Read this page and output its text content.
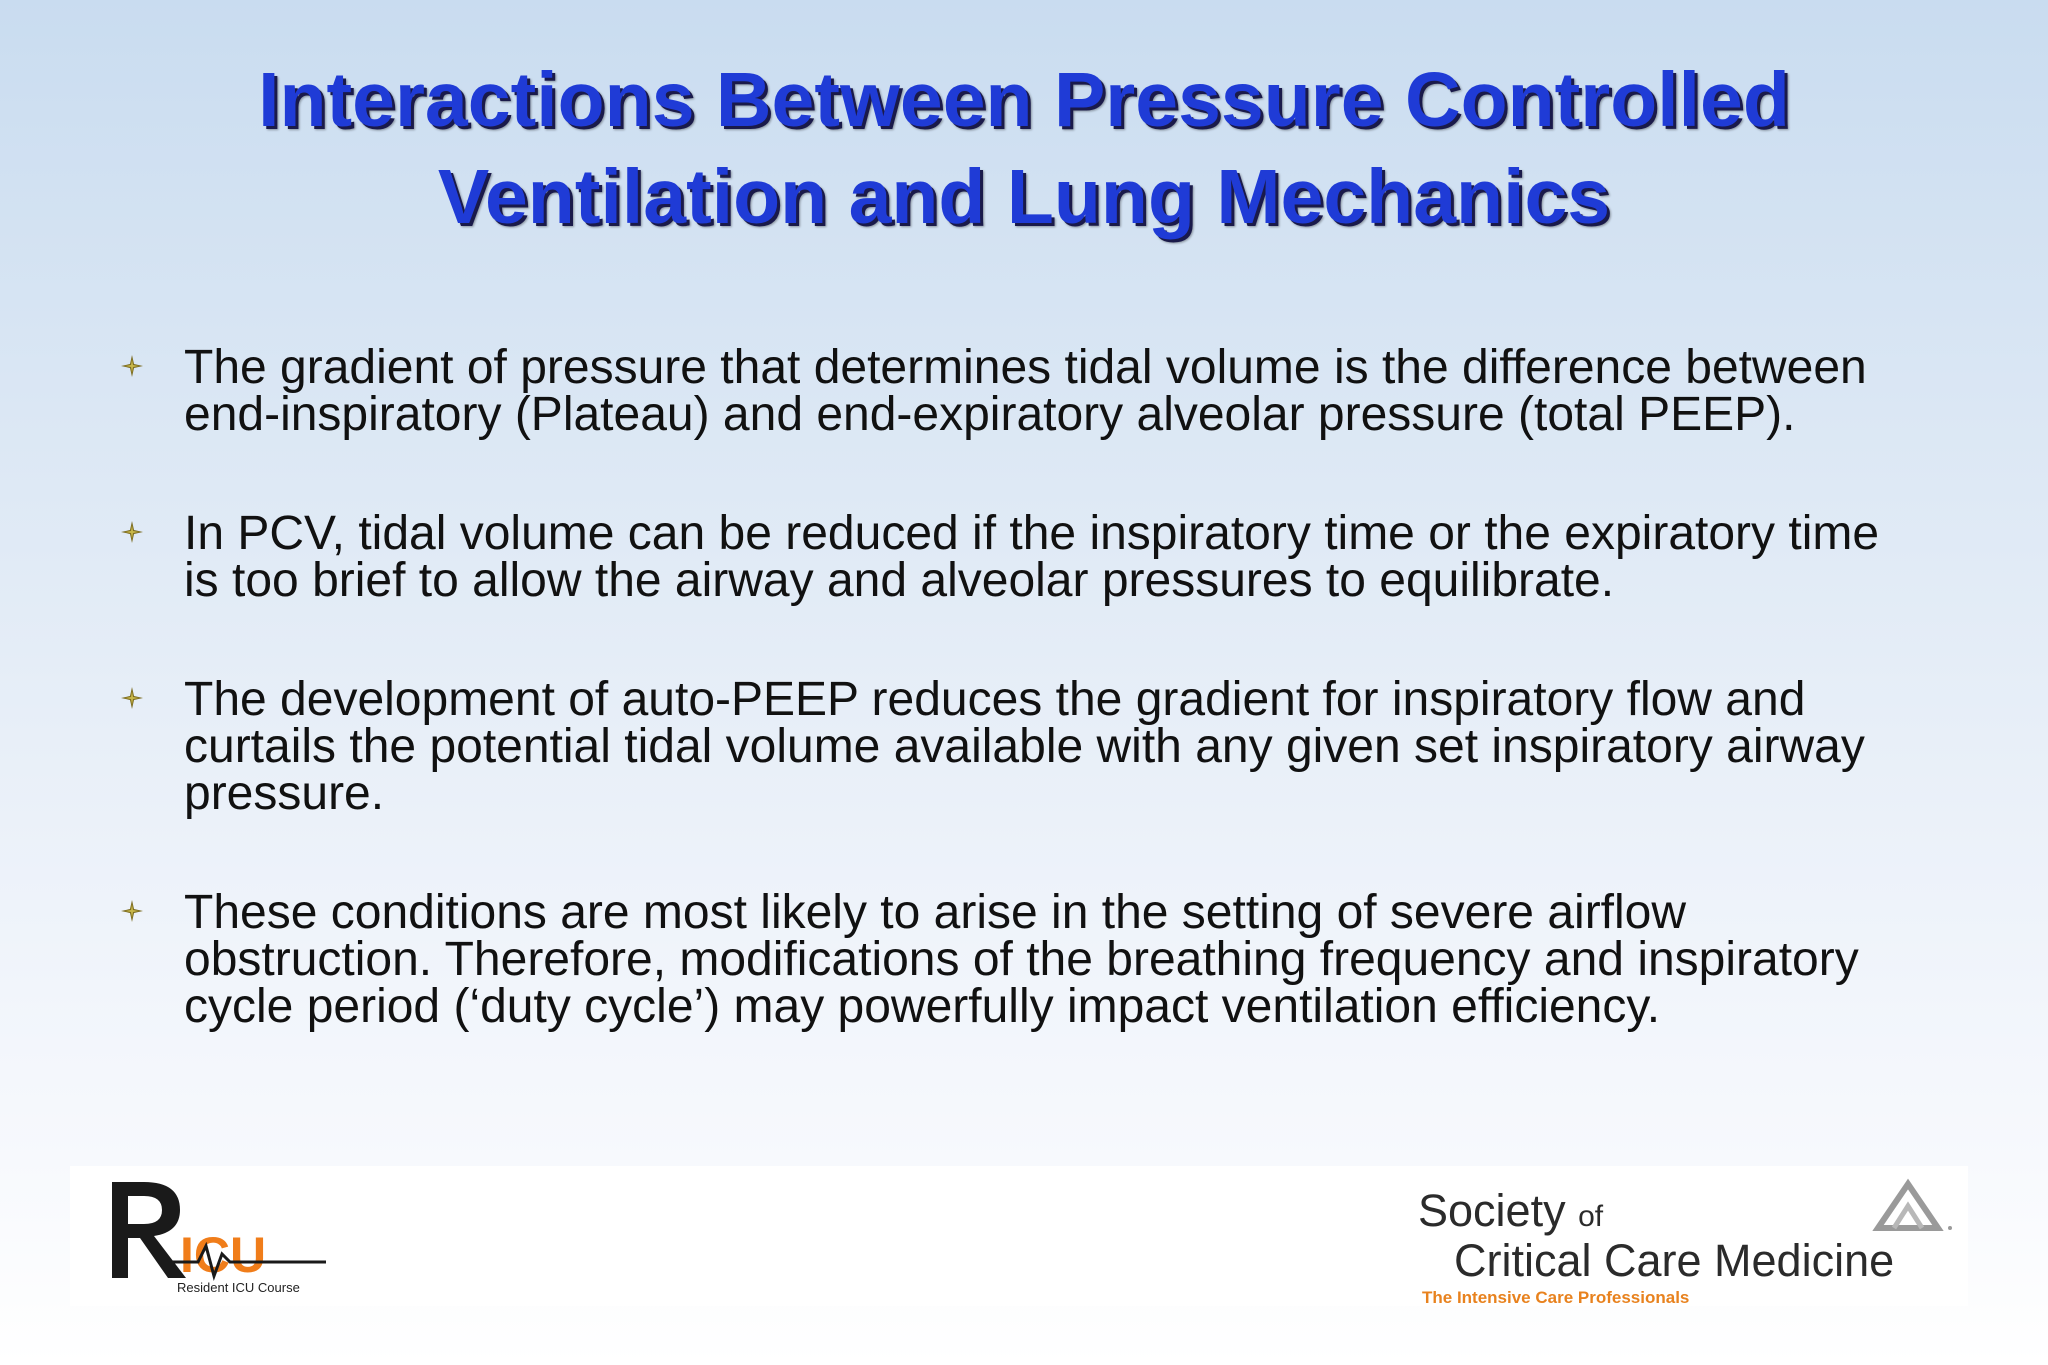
Interactions Between Pressure Controlled
Ventilation and Lung Mechanics
The gradient of pressure that determines tidal volume is the difference between
end-inspiratory (Plateau) and end-expiratory alveolar pressure (total PEEP).
In PCV, tidal volume can be reduced if the inspiratory time or the expiratory time
is too brief to allow the airway and alveolar pressures to equilibrate.
The development of auto-PEEP reduces the gradient for inspiratory flow and
curtails the potential tidal volume available with any given set inspiratory airway
pressure.
These conditions are most likely to arise in the setting of severe airflow
obstruction. Therefore, modifications of the breathing frequency and inspiratory
cycle period (‘duty cycle’) may powerfully impact ventilation efficiency.
ICU
Resident ICU Course
Society of
Critical Care Medicine
The Intensive Care Professionals
